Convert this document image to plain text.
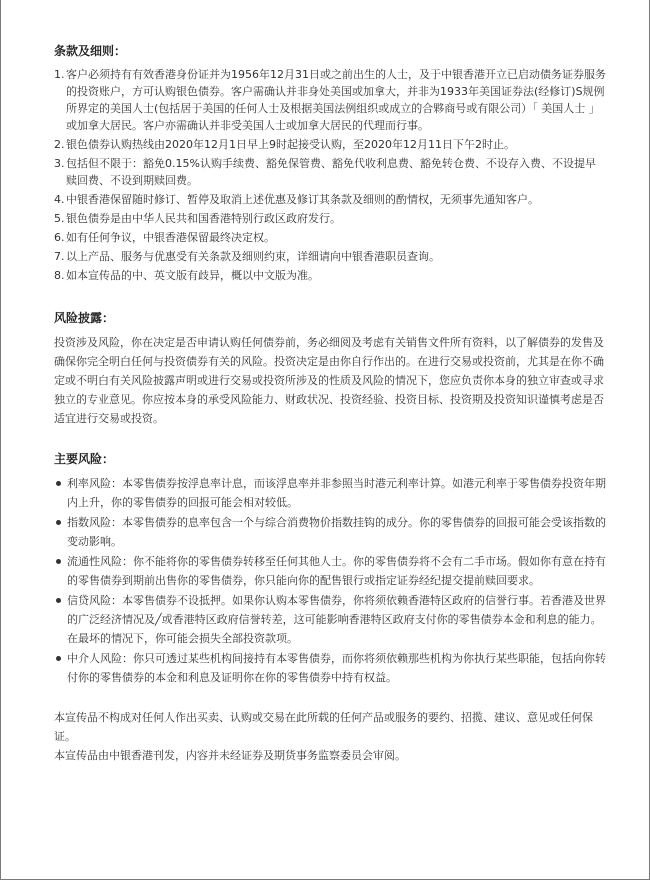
条款及细则：
1. 客户必须持有有效香港身份证并为1956年12月31日或之前出生的人士，及于中银香港开立已启动债务证券服务的投资账户，方可认购银色债券。客户需确认并非身处美国或加拿大，并非为1933年美国证券法(经修订)S规例所界定的美国人士(包括居于美国的任何人士及根据美国法例组织或成立的合夥商号或有限公司）「 美国人士 」或加拿大居民。客户亦需确认并非受美国人士或加拿大居民的代理而行事。
2. 银色债券认购热线由2020年12月1日早上9时起接受认购，至2020年12月11日下午2时止。
3. 包括但不限于：豁免0.15%认购手续费、豁免保管费、豁免代收利息费、豁免转仓费、不设存入费、不设提早赎回费、不设到期赎回费。
4. 中银香港保留随时修订、暂停及取消上述优惠及修订其条款及细则的酌情权，无须事先通知客户。
5. 银色债券是由中华人民共和国香港特别行政区政府发行。
6. 如有任何争议，中银香港保留最终决定权。
7. 以上产品、服务与优惠受有关条款及细则约束，详细请向中银香港职员查询。
8. 如本宣传品的中、英文版有歧异，概以中文版为准。
风险披露：

投资涉及风险，你在决定是否申请认购任何债券前，务必细阅及考虑有关销售文件所有资料，以了解债券的发售及确保你完全明白任何与投资债券有关的风险。投资决定是由你自行作出的。在进行交易或投资前，尤其是在你不确定或不明白有关风险披露声明或进行交易或投资所涉及的性质及风险的情况下，您应负责你本身的独立审查或寻求独立的专业意见。你应按本身的承受风险能力、财政状况、投资经验、投资目标、投资期及投资知识谨慎考虑是否适宜进行交易或投资。

主要风险：
利率风险：本零售债券按浮息率计息，而该浮息率并非参照当时港元利率计算。如港元利率于零售债券投资年期内上升，你的零售债券的回报可能会相对较低。
指数风险：本零售债券的息率包含一个与综合消费物价指数挂钩的成分。你的零售债券的回报可能会受该指数的变动影响。
流通性风险：你不能将你的零售债券转移至任何其他人士。你的零售债券将不会有二手市场。假如你有意在持有的零售债券到期前出售你的零售债券，你只能向你的配售银行或指定证券经纪提交提前赎回要求。
信贷风险：本零售债券不设抵押。如果你认购本零售债券，你将须依赖香港特区政府的信誉行事。若香港及世界的广泛经济情况及╱或香港特区政府信誉转差，这可能影响香港特区政府支付你的零售债券本金和利息的能力。在最坏的情况下，你可能会损失全部投资款项。
中介人风险：你只可透过某些机构间接持有本零售债券，而你将须依赖那些机构为你执行某些职能，包括向你转付你的零售债券的本金和利息及证明你在你的零售债券中持有权益。

本宣传品不构成对任何人作出买卖、认购或交易在此所载的任何产品或服务的要约、招揽、建议、意见或任何保证。

本宣传品由中银香港刊发，内容并未经证券及期货事务监察委员会审阅。
